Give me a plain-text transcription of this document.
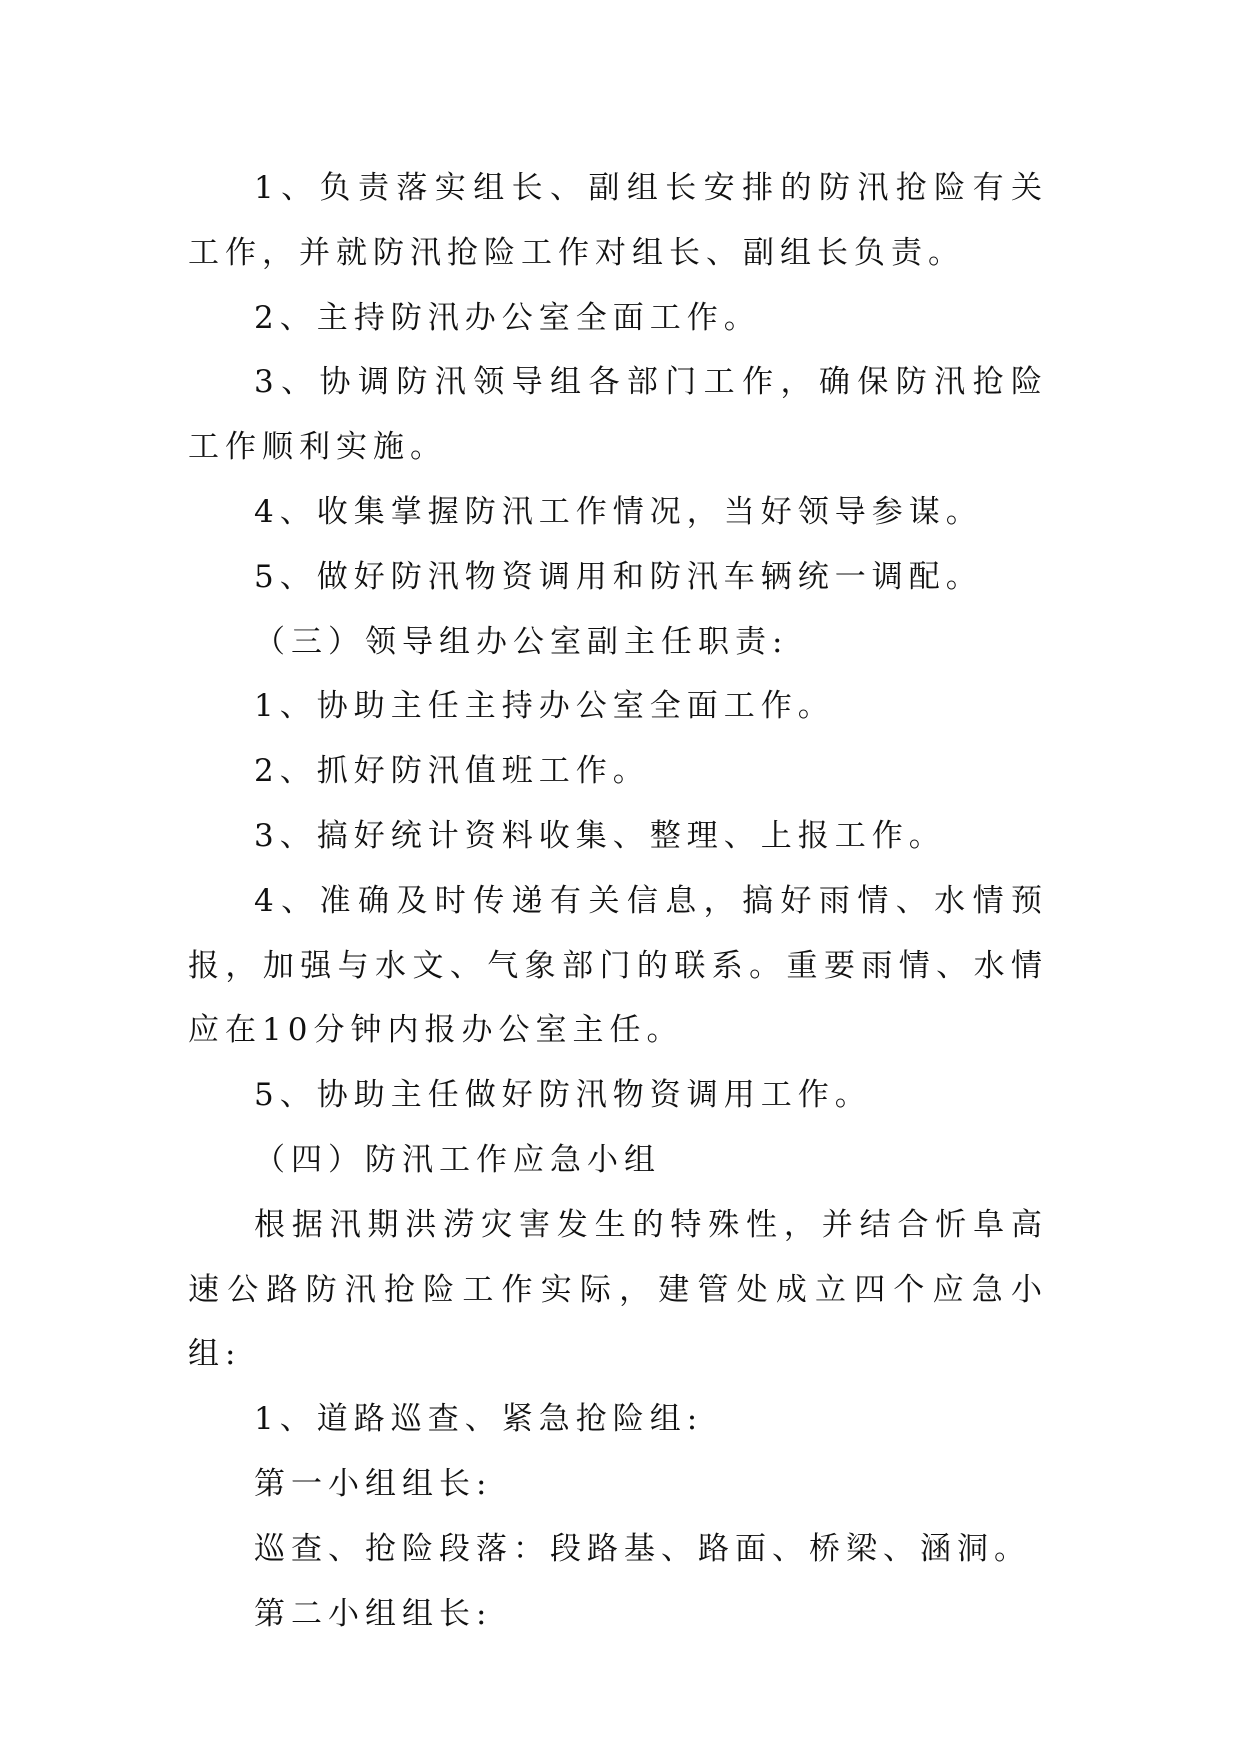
1、负责落实组长、副组长安排的防汛抢险有关工作，并就防汛抢险工作对组长、副组长负责。

2、主持防汛办公室全面工作。

3、协调防汛领导组各部门工作，确保防汛抢险工作顺利实施。

4、收集掌握防汛工作情况，当好领导参谋。

5、做好防汛物资调用和防汛车辆统一调配。

（三）领导组办公室副主任职责:

1、协助主任主持办公室全面工作。

2、抓好防汛值班工作。

3、搞好统计资料收集、整理、上报工作。

4、准确及时传递有关信息，搞好雨情、水情预报，加强与水文、气象部门的联系。重要雨情、水情应在10分钟内报办公室主任。

5、协助主任做好防汛物资调用工作。

（四）防汛工作应急小组

根据汛期洪涝灾害发生的特殊性，并结合忻阜高速公路防汛抢险工作实际，建管处成立四个应急小组:

1、道路巡查、紧急抢险组:

第一小组组长:

巡查、抢险段落：段路基、路面、桥梁、涵洞。

第二小组组长:
